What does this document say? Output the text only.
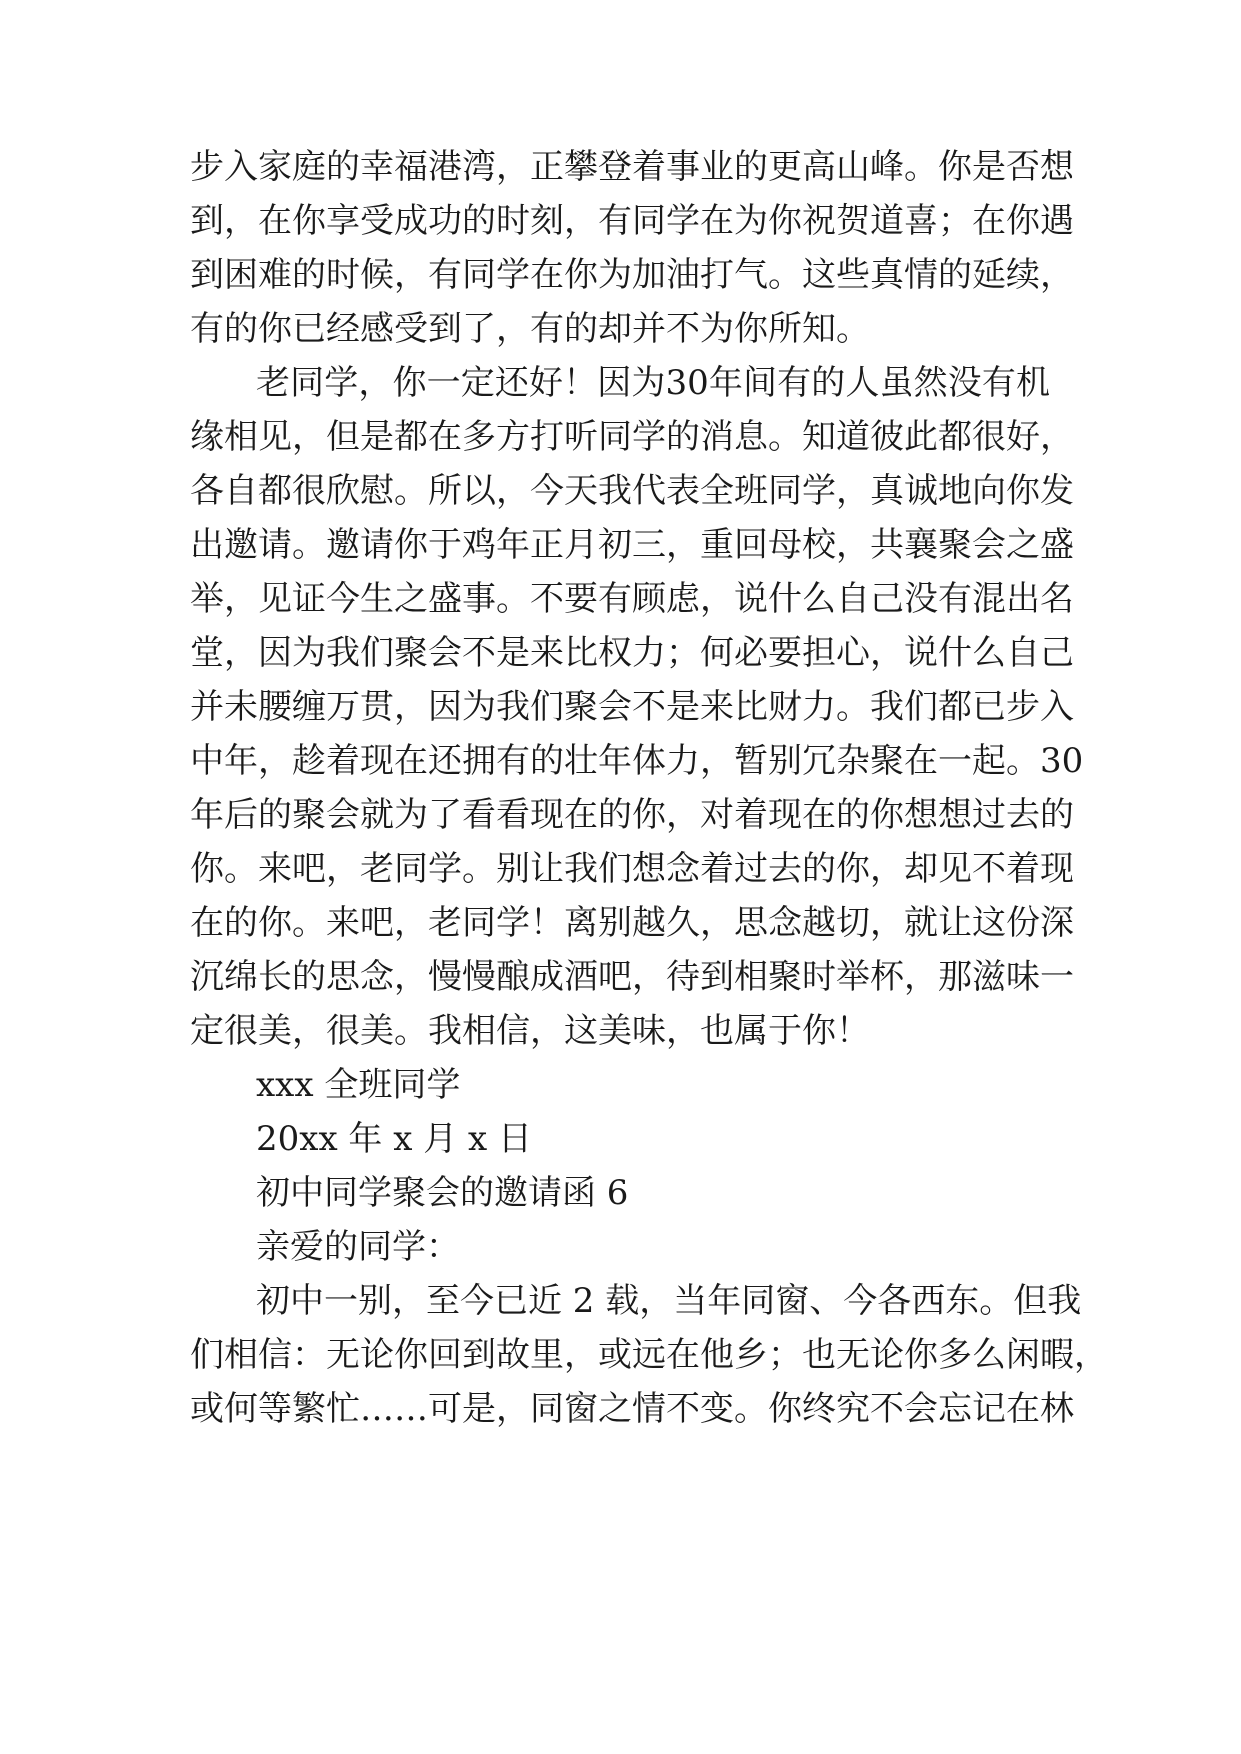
步入家庭的幸福港湾，正攀登着事业的更高山峰。你是否想

到，在你享受成功的时刻，有同学在为你祝贺道喜；在你遇

到困难的时候，有同学在你为加油打气。这些真情的延续，

有的你已经感受到了，有的却并不为你所知。

老同学，你一定还好！因为30年间有的人虽然没有机

缘相见，但是都在多方打听同学的消息。知道彼此都很好，

各自都很欣慰。所以，今天我代表全班同学，真诚地向你发

出邀请。邀请你于鸡年正月初三，重回母校，共襄聚会之盛

举，见证今生之盛事。不要有顾虑，说什么自己没有混出名

堂，因为我们聚会不是来比权力；何必要担心，说什么自己

并未腰缠万贯，因为我们聚会不是来比财力。我们都已步入

中年，趁着现在还拥有的壮年体力，暂别冗杂聚在一起。30

年后的聚会就为了看看现在的你，对着现在的你想想过去的

你。来吧，老同学。别让我们想念着过去的你，却见不着现

在的你。来吧，老同学！离别越久，思念越切，就让这份深

沉绵长的思念，慢慢酿成酒吧，待到相聚时举杯，那滋味一

定很美，很美。我相信，这美味，也属于你！

xxx 全班同学

20xx 年 x 月 x 日

初中同学聚会的邀请函 6

亲爱的同学：

初中一别，至今已近 2 载，当年同窗、今各西东。但我

们相信：无论你回到故里，或远在他乡；也无论你多么闲暇，

或何等繁忙……可是，同窗之情不变。你终究不会忘记在林
